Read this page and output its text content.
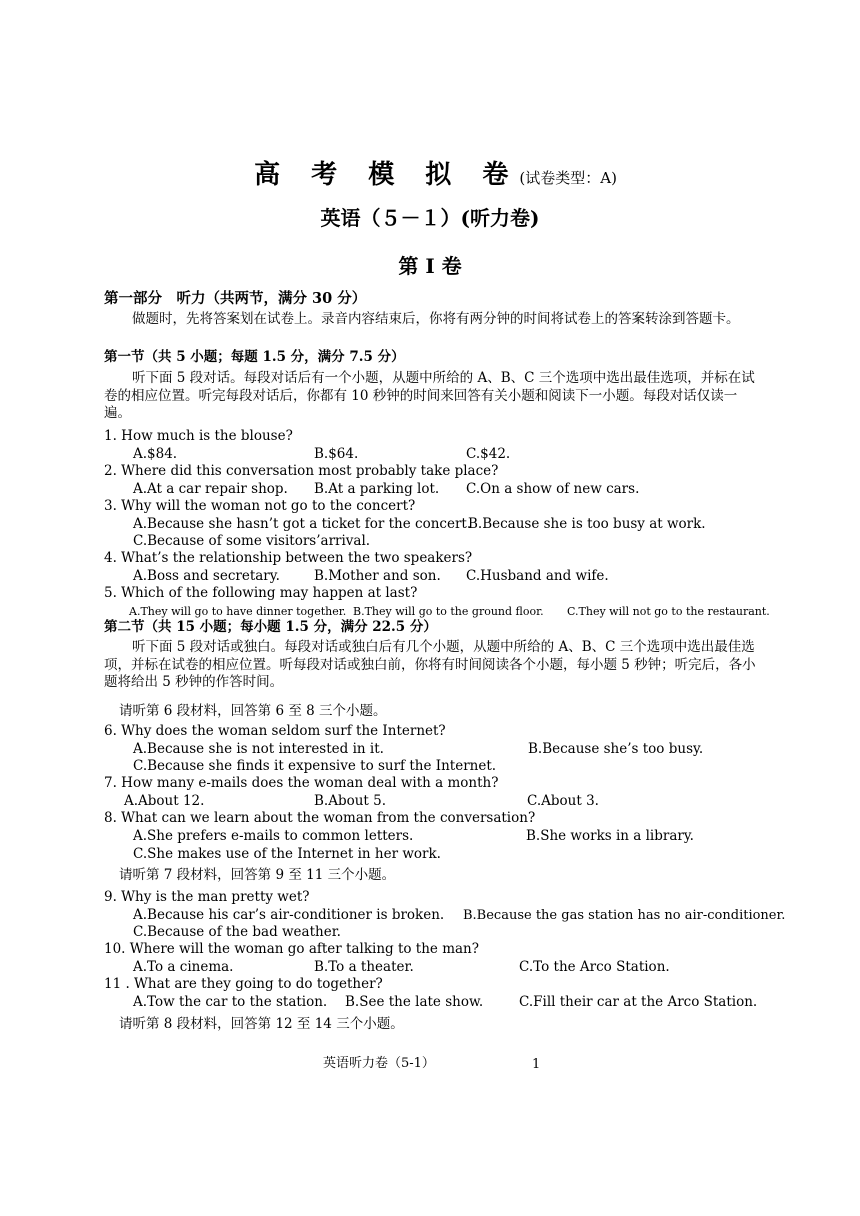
高 考 模 拟 卷 (试卷类型：A)
英语（５－１）(听力卷)
第 I 卷
第一部分　听力（共两节，满分 30 分）
做题时，先将答案划在试卷上。录音内容结束后，你将有两分钟的时间将试卷上的答案转涂到答题卡。
第一节（共 5 小题；每题 1.5 分，满分 7.5 分）
听下面 5 段对话。每段对话后有一个小题，从题中所给的 A、B、C 三个选项中选出最佳选项，并标在试卷的相应位置。听完每段对话后，你都有 10 秒钟的时间来回答有关小题和阅读下一小题。每段对话仅读一遍。
1. How much is the blouse?
A.$84.	B.$64.	C.$42.
2. Where did this conversation most probably take place?
A.At a car repair shop. B.At a parking lot. C.On a show of new cars.
3. Why will the woman not go to the concert?
A.Because she hasn’t got a ticket for the concert.
B.Because she is too busy at work.
C.Because of some visitors’arrival.
4. What’s the relationship between the two speakers?
A.Boss and secretary.	B.Mother and son. C.Husband and wife.
5. Which of the following may happen at last?
A.They will go to have dinner together. B.They will go to the ground floor. C.They will not go to the restaurant.
第二节（共 15 小题；每小题 1.5 分，满分 22.5 分）
听下面 5 段对话或独白。每段对话或独白后有几个小题，从题中所给的 A、B、C 三个选项中选出最佳选项，并标在试卷的相应位置。听每段对话或独白前，你将有时间阅读各个小题，每小题 5 秒钟；听完后，各小题将给出 5 秒钟的作答时间。
请听第 6 段材料，回答第 6 至 8 三个小题。
6. Why does the woman seldom surf the Internet?
A.Because she is not interested in it.	B.Because she’s too busy.
C.Because she finds it expensive to surf the Internet.
7. How many e-mails does the woman deal with a month?
A.About 12.	B.About 5.	C.About 3.
8. What can we learn about the woman from the conversation?
A.She prefers e-mails to common letters.	B.She works in a library.
C.She makes use of the Internet in her work.
请听第 7 段材料，回答第 9 至 11 三个小题。
9. Why is the man pretty wet?
A.Because his car’s air-conditioner is broken. B.Because the gas station has no air-conditioner.
C.Because of the bad weather.
10. Where will the woman go after talking to the man?
A.To a cinema.	B.To a theater.	C.To the Arco Station.
11 . What are they going to do together?
A.Tow the car to the station. B.See the late show.	C.Fill their car at the Arco Station.
请听第 8 段材料，回答第 12 至 14 三个小题。
英语听力卷（5-1）	1
